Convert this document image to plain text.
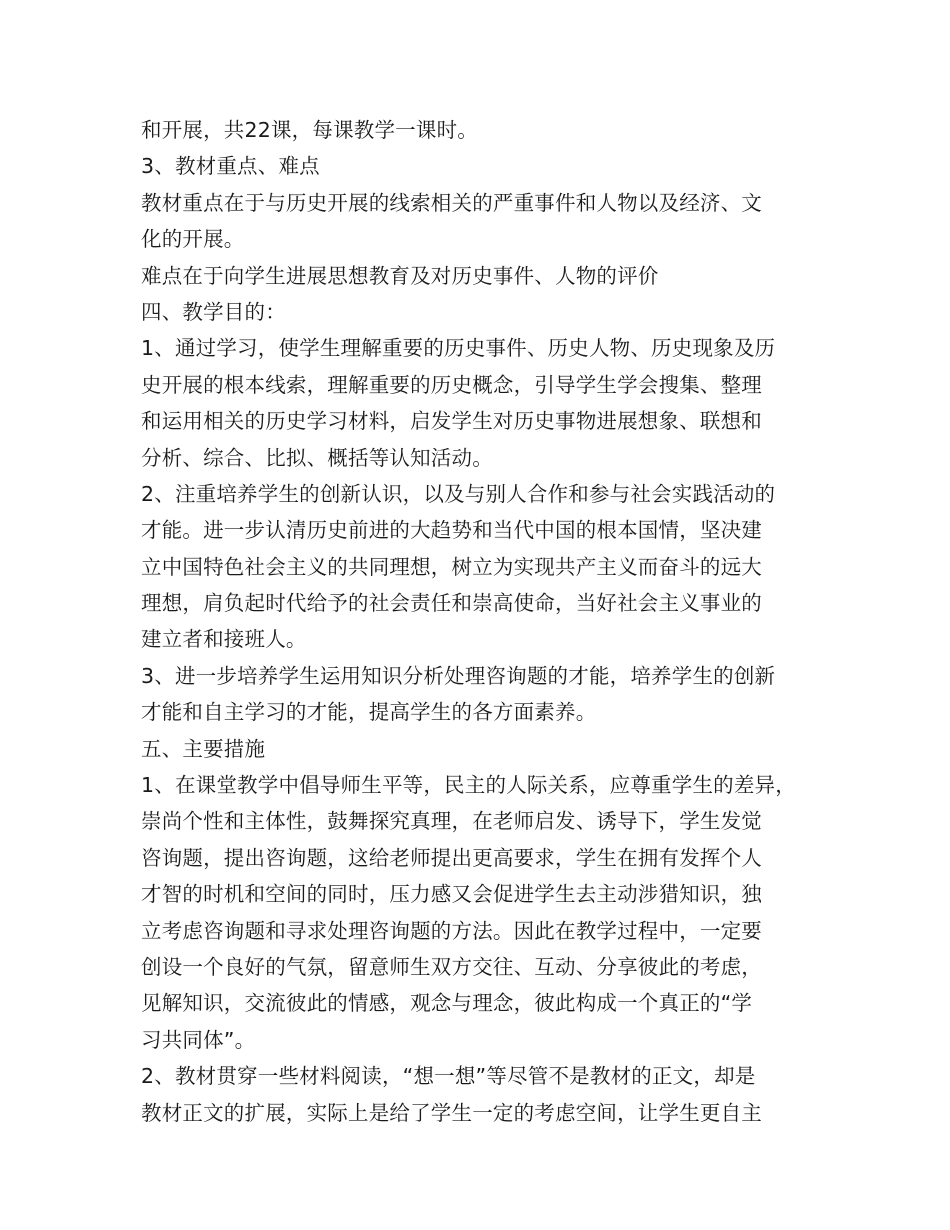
和开展，共22课，每课教学一课时。
3、教材重点、难点
教材重点在于与历史开展的线索相关的严重事件和人物以及经济、文
化的开展。
难点在于向学生进展思想教育及对历史事件、人物的评价
四、教学目的：
1、通过学习，使学生理解重要的历史事件、历史人物、历史现象及历
史开展的根本线索，理解重要的历史概念，引导学生学会搜集、整理
和运用相关的历史学习材料，启发学生对历史事物进展想象、联想和
分析、综合、比拟、概括等认知活动。
2、注重培养学生的创新认识，以及与别人合作和参与社会实践活动的
才能。进一步认清历史前进的大趋势和当代中国的根本国情，坚决建
立中国特色社会主义的共同理想，树立为实现共产主义而奋斗的远大
理想，肩负起时代给予的社会责任和崇高使命，当好社会主义事业的
建立者和接班人。
3、进一步培养学生运用知识分析处理咨询题的才能，培养学生的创新
才能和自主学习的才能，提高学生的各方面素养。
五、主要措施
1、在课堂教学中倡导师生平等，民主的人际关系，应尊重学生的差异，
崇尚个性和主体性，鼓舞探究真理，在老师启发、诱导下，学生发觉
咨询题，提出咨询题，这给老师提出更高要求，学生在拥有发挥个人
才智的时机和空间的同时，压力感又会促进学生去主动涉猎知识，独
立考虑咨询题和寻求处理咨询题的方法。因此在教学过程中，一定要
创设一个良好的气氛，留意师生双方交往、互动、分享彼此的考虑，
见解知识，交流彼此的情感，观念与理念，彼此构成一个真正的“学
习共同体”。
2、教材贯穿一些材料阅读，“想一想”等尽管不是教材的正文，却是
教材正文的扩展，实际上是给了学生一定的考虑空间，让学生更自主
